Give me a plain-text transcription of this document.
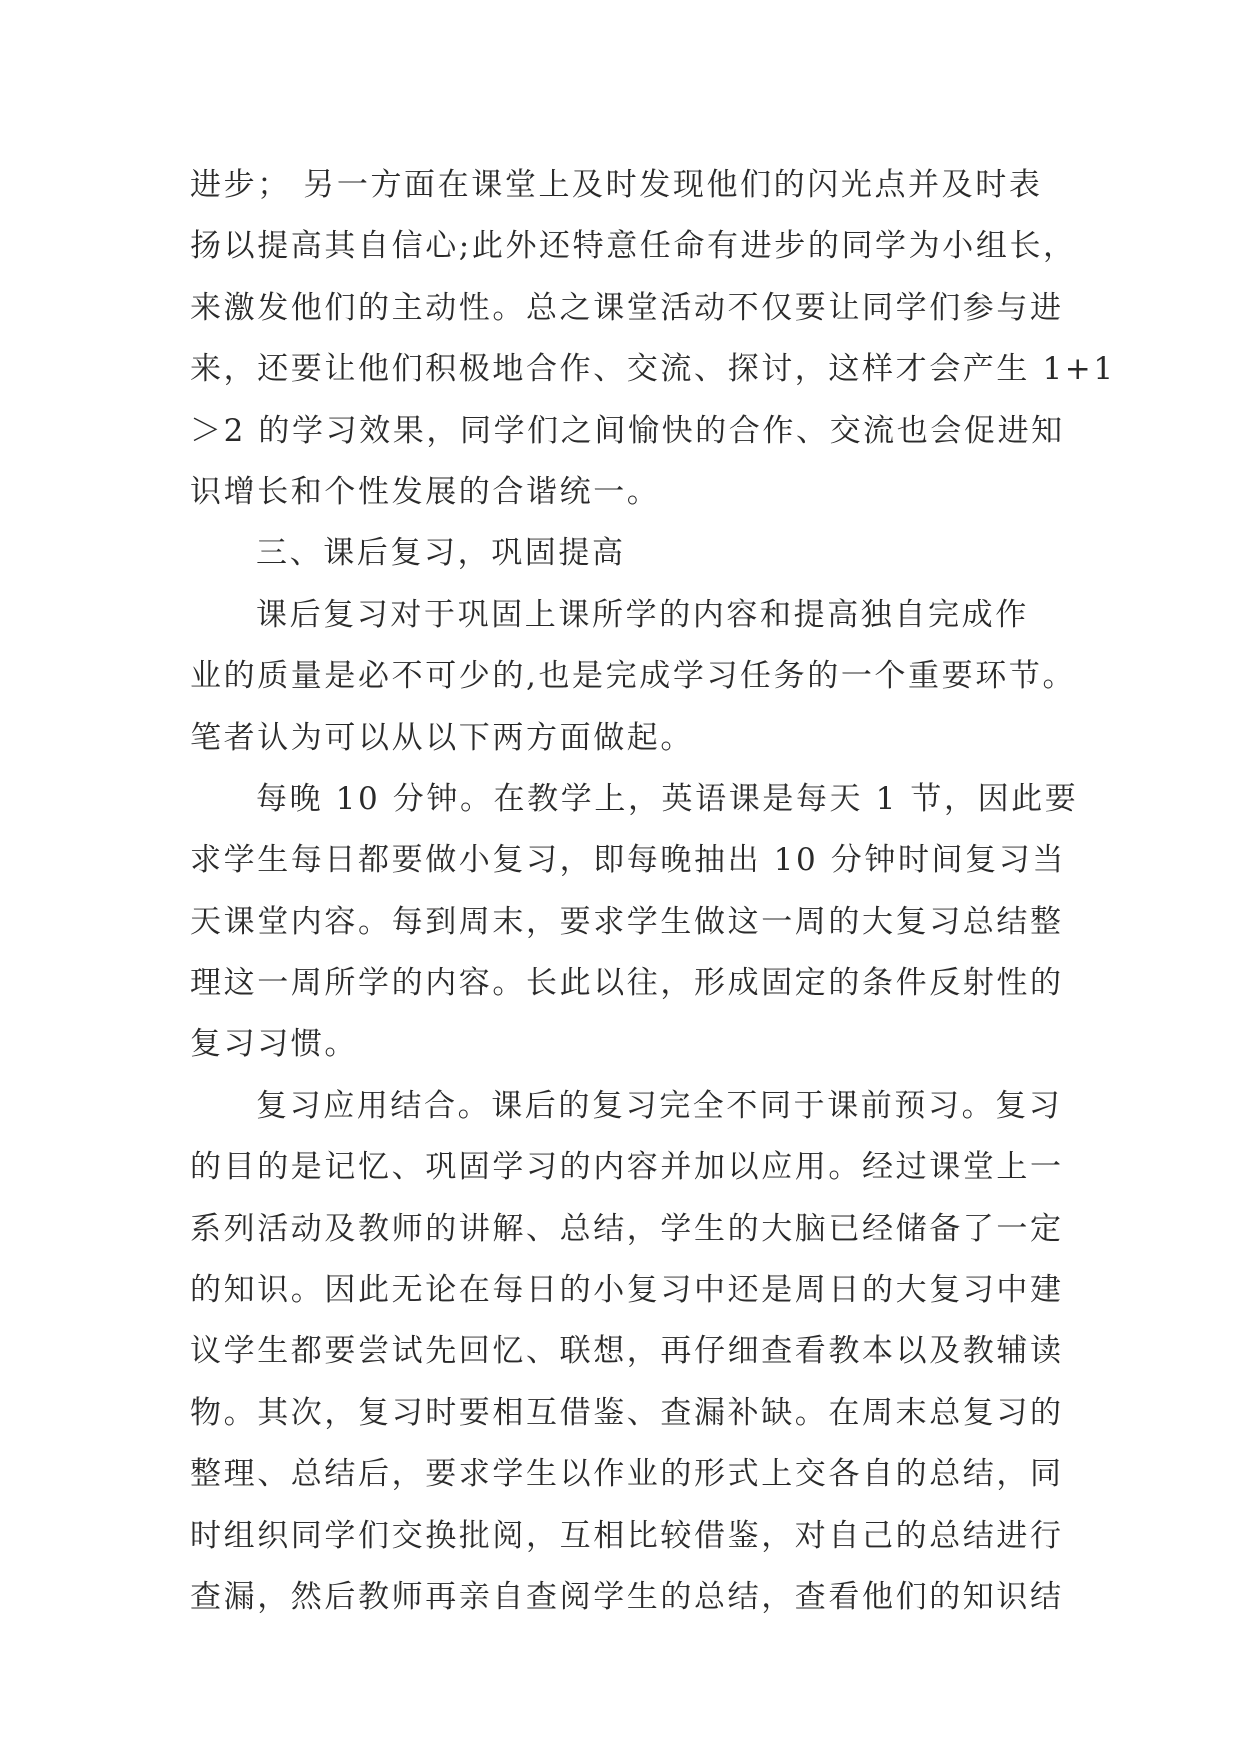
进步； 另一方面在课堂上及时发现他们的闪光点并及时表
扬以提高其自信心;此外还特意任命有进步的同学为小组长，
来激发他们的主动性。总之课堂活动不仅要让同学们参与进
来，还要让他们积极地合作、交流、探讨，这样才会产生 1+1
＞2 的学习效果，同学们之间愉快的合作、交流也会促进知
识增长和个性发展的合谐统一。
三、课后复习，巩固提高
课后复习对于巩固上课所学的内容和提高独自完成作
业的质量是必不可少的,也是完成学习任务的一个重要环节。
笔者认为可以从以下两方面做起。
每晚 10 分钟。在教学上，英语课是每天 1 节，因此要
求学生每日都要做小复习，即每晚抽出 10 分钟时间复习当
天课堂内容。每到周末，要求学生做这一周的大复习总结整
理这一周所学的内容。长此以往，形成固定的条件反射性的
复习习惯。
复习应用结合。课后的复习完全不同于课前预习。复习
的目的是记忆、巩固学习的内容并加以应用。经过课堂上一
系列活动及教师的讲解、总结，学生的大脑已经储备了一定
的知识。因此无论在每日的小复习中还是周日的大复习中建
议学生都要尝试先回忆、联想，再仔细查看教本以及教辅读
物。其次，复习时要相互借鉴、查漏补缺。在周末总复习的
整理、总结后，要求学生以作业的形式上交各自的总结，同
时组织同学们交换批阅，互相比较借鉴，对自己的总结进行
查漏，然后教师再亲自查阅学生的总结，查看他们的知识结
